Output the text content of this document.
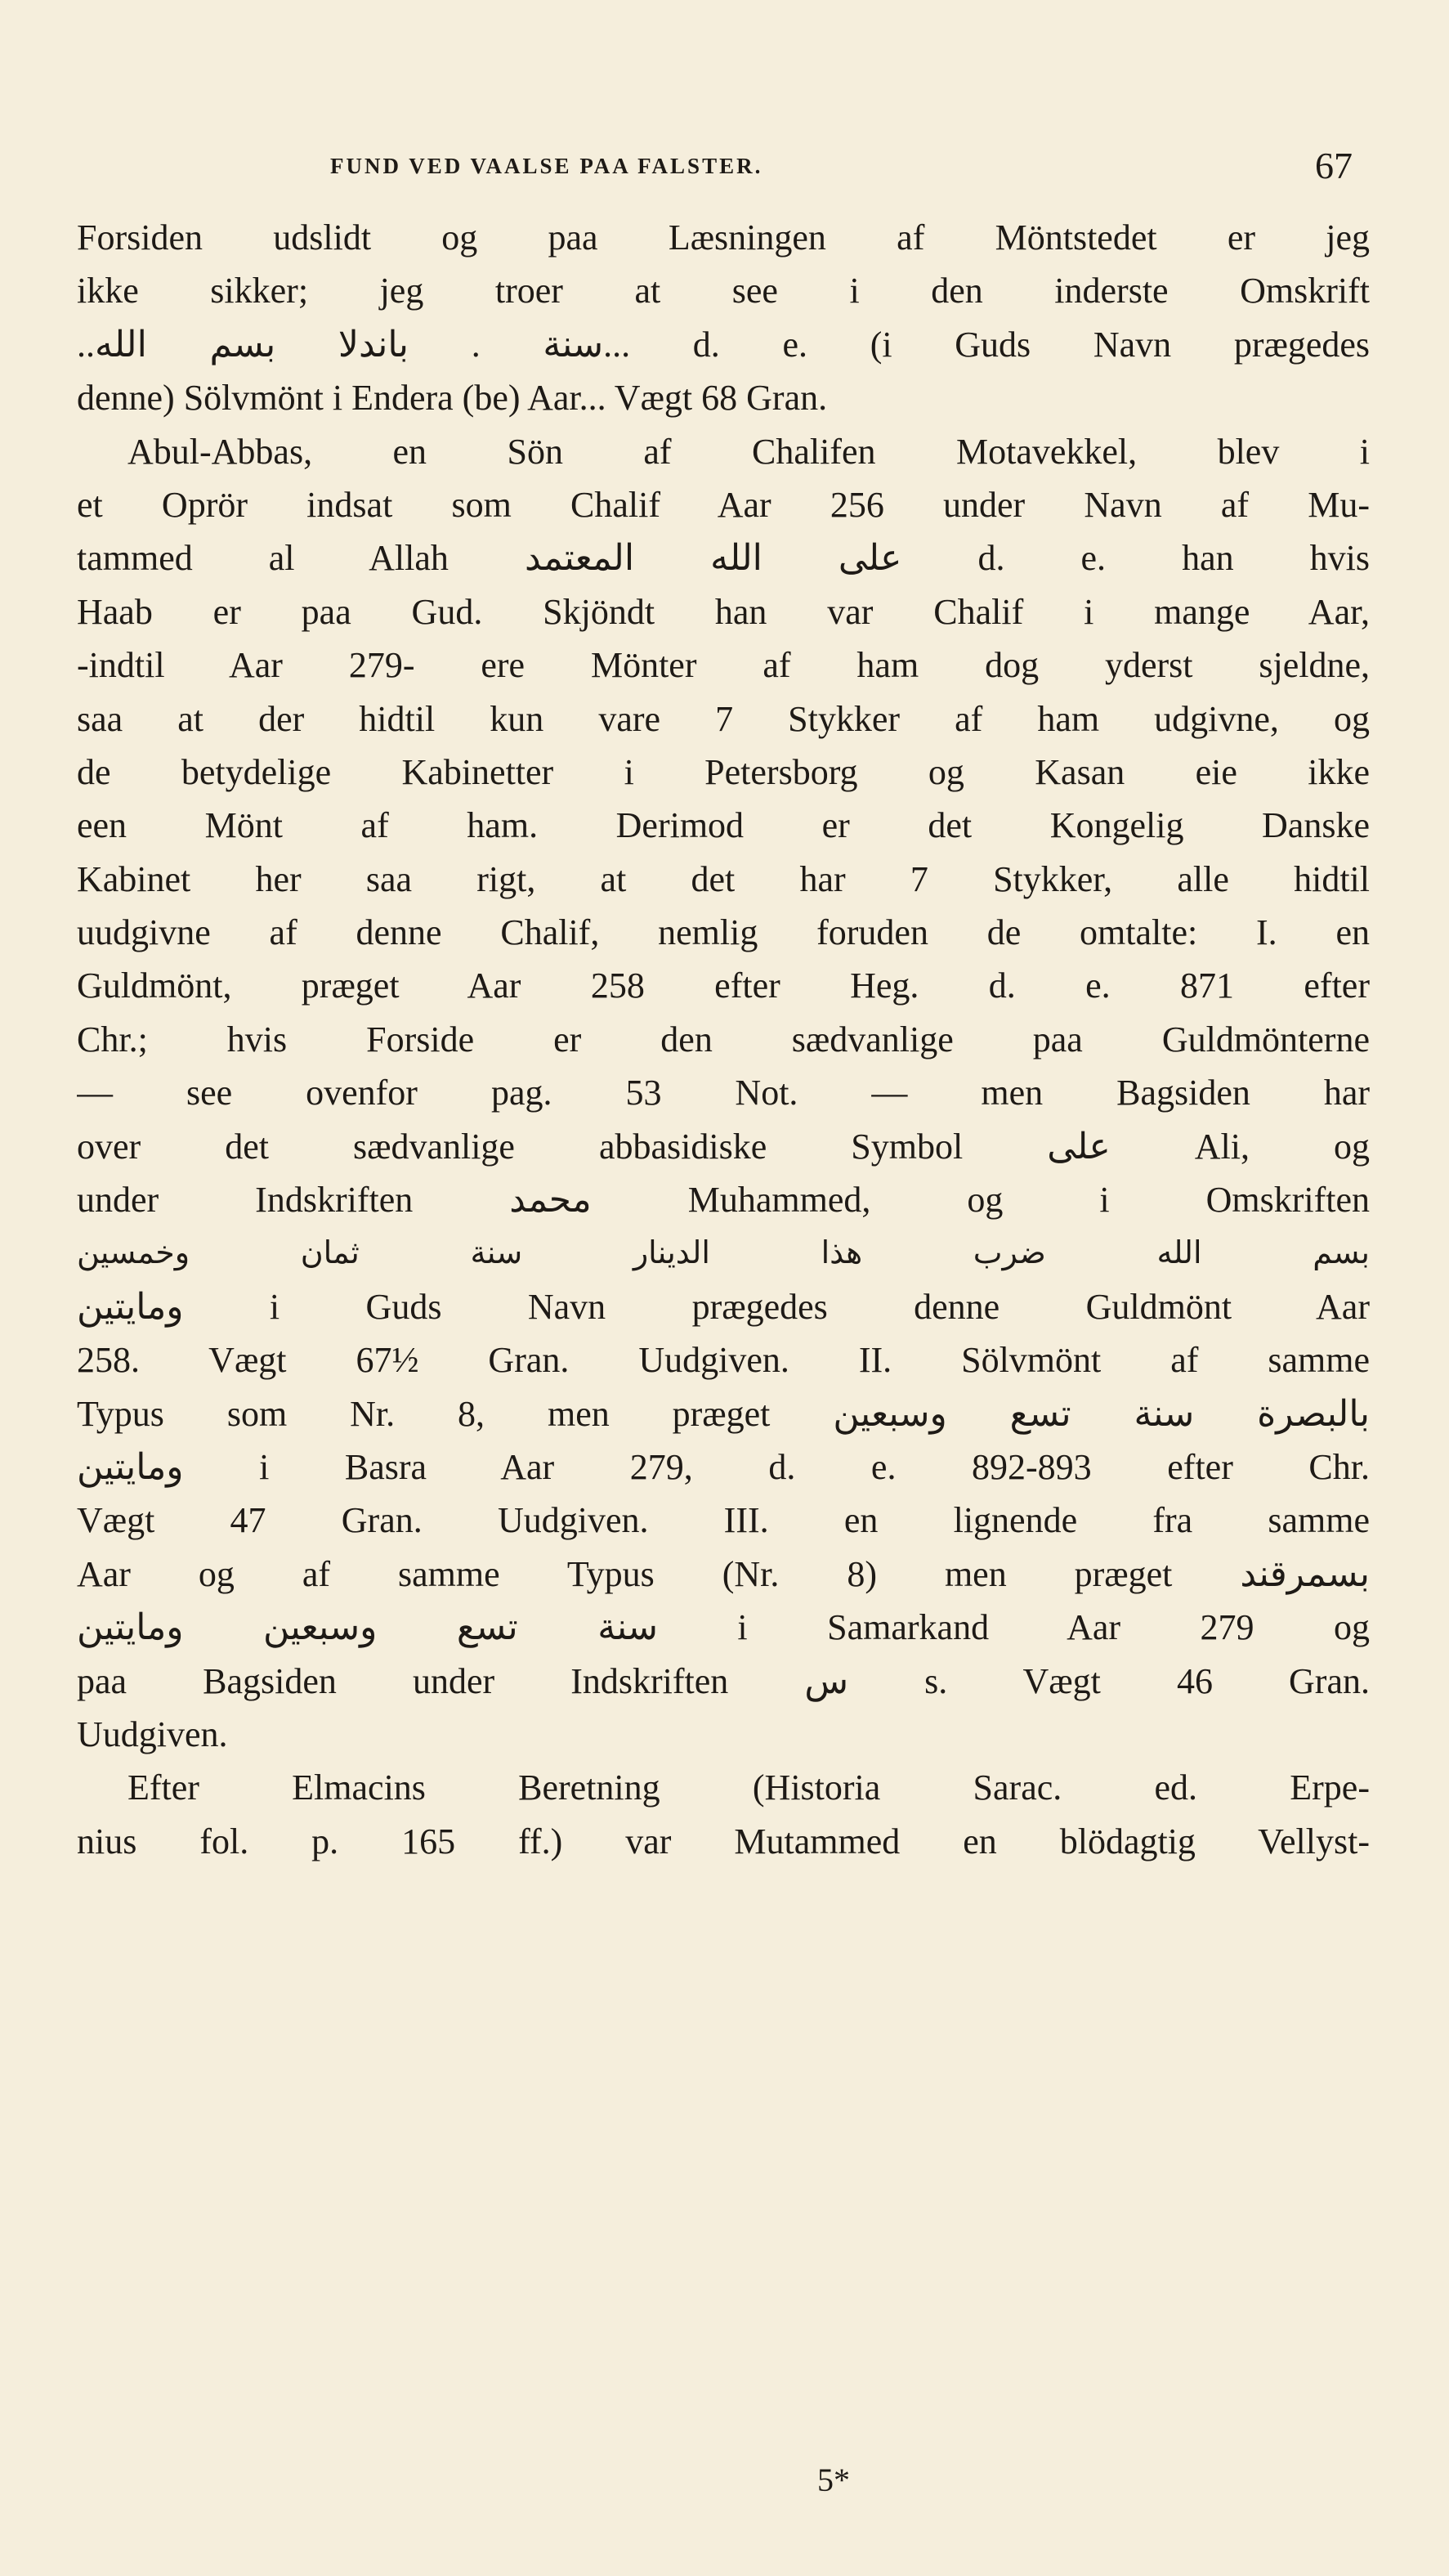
FUND VED VAALSE PAA FALSTER.	67
Forsiden udslidt og paa Læsningen af Möntstedet er jeg
ikke sikker; jeg troer at see i den inderste Omskrift
..سنة . باندلا بسم الله... d. e. (i Guds Navn prægedes
denne) Sölvmönt i Endera (be) Aar... Vægt 68 Gran.
Abul-Abbas, en Sön af Chalifen Motavekkel, blev i
et Oprör indsat som Chalif Aar 256 under Navn af Mu-
tammed al Allah على الله المعتمد d. e. han hvis
Haab er paa Gud. Skjöndt han var Chalif i mange Aar,
-indtil Aar 279- ere Mönter af ham dog yderst sjeldne,
saa at der hidtil kun vare 7 Stykker af ham udgivne, og
de betydelige Kabinetter i Petersborg og Kasan eie ikke
een Mönt af ham. Derimod er det Kongelig Danske
Kabinet her saa rigt, at det har 7 Stykker, alle hidtil
uudgivne af denne Chalif, nemlig foruden de omtalte: I. en
Guldmönt, præget Aar 258 efter Heg. d. e. 871 efter
Chr.; hvis Forside er den sædvanlige paa Guldmönterne
— see ovenfor pag. 53 Not. — men Bagsiden har
over det sædvanlige abbasidiske Symbol على Ali, og
under Indskriften محمد Muhammed, og i Omskriften
بسم الله ضرب هذا الدينار سنة ثمان وخمسين
ومايتين i Guds Navn prægedes denne Guldmönt Aar
258. Vægt 67½ Gran. Uudgiven. II. Sölvmönt af samme
Typus som Nr. 8, men præget بالبصرة سنة تسع وسبعين
ومايتين i Basra Aar 279, d. e. 892-893 efter Chr.
Vægt 47 Gran. Uudgiven. III. en lignende fra samme
Aar og af samme Typus (Nr. 8) men præget بسمرقند
سنة تسع وسبعين ومايتين i Samarkand Aar 279 og
paa Bagsiden under Indskriften س s. Vægt 46 Gran.
Uudgiven.
Efter Elmacins Beretning (Historia Sarac. ed. Erpe-
nius fol. p. 165 ff.) var Mutammed en blödagtig Vellyst-
5*
